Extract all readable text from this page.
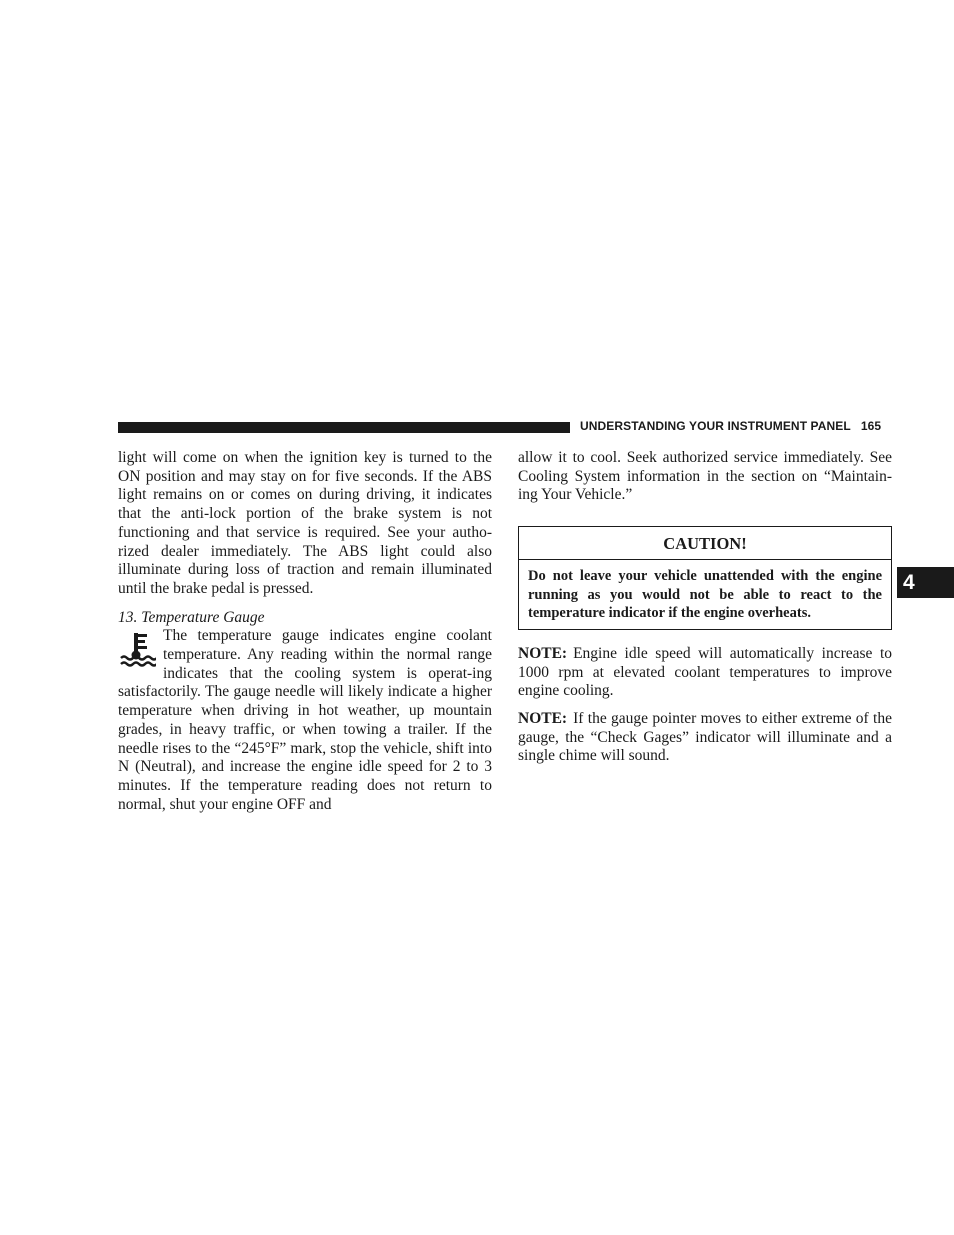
UNDERSTANDING YOUR INSTRUMENT PANEL 165
4

light will come on when the ignition key is turned to the ON position and may stay on for five seconds. If the ABS light remains on or comes on during driving, it indicates that the anti-lock portion of the brake system is not functioning and that service is required. See your autho-rized dealer immediately. The ABS light could also illuminate during loss of traction and remain illuminated until the brake pedal is pressed.

13. Temperature Gauge

The temperature gauge indicates engine coolant temperature. Any reading within the normal range indicates that the cooling system is operat-ing satisfactorily. The gauge needle will likely indicate a higher temperature when driving in hot weather, up mountain grades, in heavy traffic, or when towing a trailer. If the needle rises to the “245°F” mark, stop the vehicle, shift into N (Neutral), and increase the engine idle speed for 2 to 3 minutes. If the temperature reading does not return to normal, shut your engine OFF and

allow it to cool. Seek authorized service immediately. See Cooling System information in the section on “Maintain-ing Your Vehicle.”

CAUTION!
Do not leave your vehicle unattended with the engine running as you would not be able to react to the temperature indicator if the engine overheats.

NOTE: Engine idle speed will automatically increase to 1000 rpm at elevated coolant temperatures to improve engine cooling.

NOTE: If the gauge pointer moves to either extreme of the gauge, the “Check Gages” indicator will illuminate and a single chime will sound.
